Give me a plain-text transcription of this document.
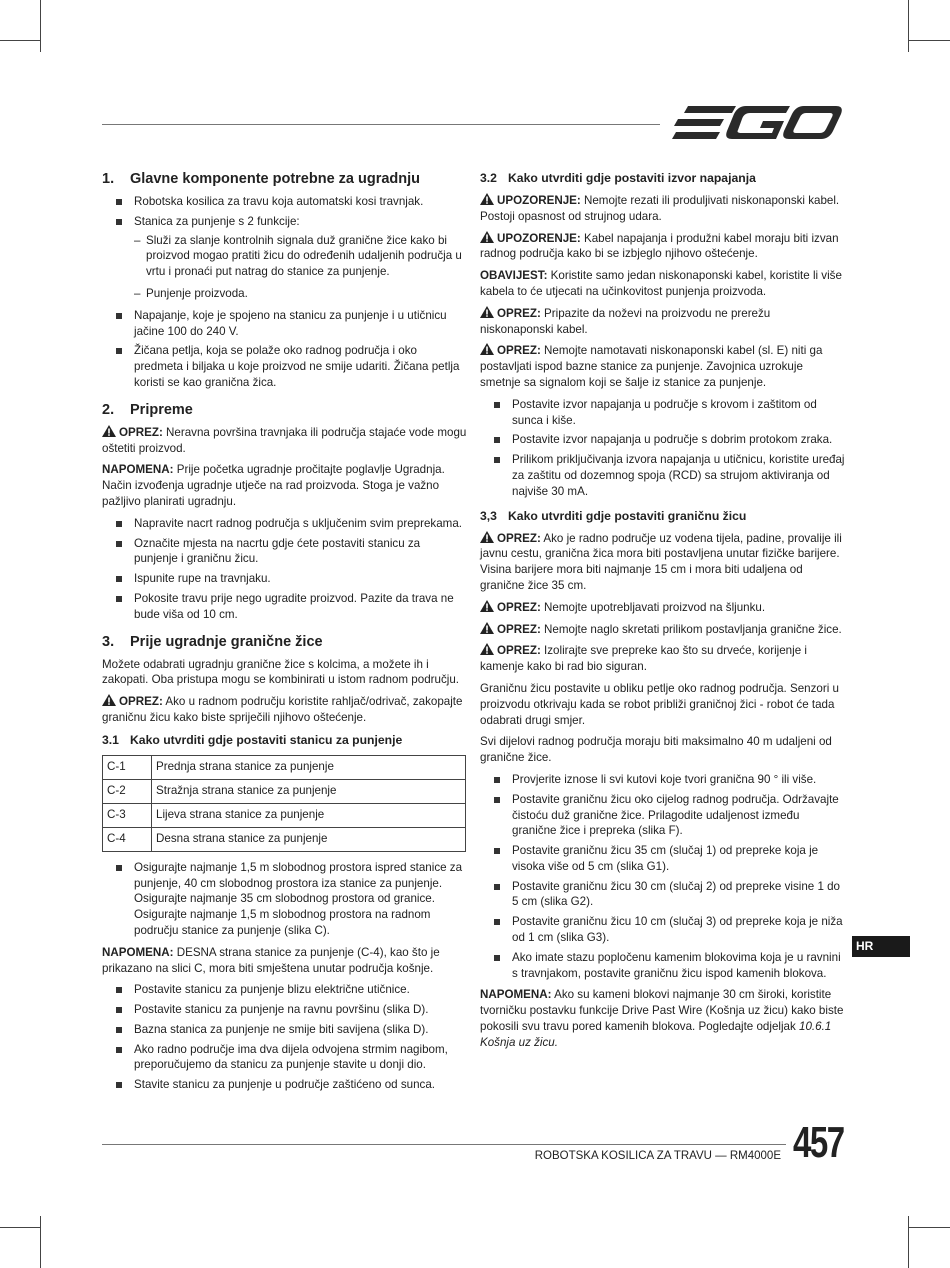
1. Glavne komponente potrebne za ugradnju
Robotska kosilica za travu koja automatski kosi travnjak.
Stanica za punjenje s 2 funkcije:
– Služi za slanje kontrolnih signala duž granične žice kako bi proizvod mogao pratiti žicu do određenih udaljenih područja u vrtu i pronaći put natrag do stanice za punjenje.
– Punjenje proizvoda.
Napajanje, koje je spojeno na stanicu za punjenje i u utičnicu jačine 100 do 240 V.
Žičana petlja, koja se polaže oko radnog područja i oko predmeta i biljaka u koje proizvod ne smije udariti. Žičana petlja koristi se kao granična žica.
2. Pripreme

OPREZ: Neravna površina travnjaka ili područja stajaće vode mogu oštetiti proizvod.

NAPOMENA: Prije početka ugradnje pročitajte poglavlje Ugradnja. Način izvođenja ugradnje utječe na rad proizvoda. Stoga je važno pažljivo planirati ugradnju.

Napravite nacrt radnog područja s uključenim svim preprekama.
Označite mjesta na nacrtu gdje ćete postaviti stanicu za punjenje i graničnu žicu.
Ispunite rupe na travnjaku.
Pokosite travu prije nego ugradite proizvod. Pazite da trava ne bude viša od 10 cm.
3. Prije ugradnje granične žice

Možete odabrati ugradnju granične žice s kolcima, a možete ih i zakopati. Oba pristupa mogu se kombinirati u istom radnom području.

OPREZ: Ako u radnom području koristite rahljač/odrivač, zakopajte graničnu žicu kako biste spriječili njihovo oštećenje.

3.1 Kako utvrditi gdje postaviti stanicu za punjenje
C-1	Prednja strana stanice za punjenje
C-2	Stražnja strana stanice za punjenje
C-3	Lijeva strana stanice za punjenje
C-4	Desna strana stanice za punjenje
Osigurajte najmanje 1,5 m slobodnog prostora ispred stanice za punjenje, 40 cm slobodnog prostora iza stanice za punjenje. Osigurajte najmanje 35 cm slobodnog prostora od granice. Osigurajte najmanje 1,5 m slobodnog prostora na radnom području stanice za punjenje (slika C).

NAPOMENA: DESNA strana stanice za punjenje (C-4), kao što je prikazano na slici C, mora biti smještena unutar područja košnje.

Postavite stanicu za punjenje blizu električne utičnice.
Postavite stanicu za punjenje na ravnu površinu (slika D).
Bazna stanica za punjenje ne smije biti savijena (slika D).
Ako radno područje ima dva dijela odvojena strmim nagibom, preporučujemo da stanicu za punjenje stavite u donji dio.
Stavite stanicu za punjenje u područje zaštićeno od sunca.
3.2 Kako utvrditi gdje postaviti izvor napajanja

UPOZORENJE: Nemojte rezati ili produljivati niskonaponski kabel. Postoji opasnost od strujnog udara.

UPOZORENJE: Kabel napajanja i produžni kabel moraju biti izvan radnog područja kako bi se izbjeglo njihovo oštećenje.

OBAVIJEST: Koristite samo jedan niskonaponski kabel, koristite li više kabela to će utjecati na učinkovitost punjenja proizvoda.

OPREZ: Pripazite da noževi na proizvodu ne prerežu niskonaponski kabel.

OPREZ: Nemojte namotavati niskonaponski kabel (sl. E) niti ga postavljati ispod bazne stanice za punjenje. Zavojnica uzrokuje smetnje sa signalom koji se šalje iz stanice za punjenje.

Postavite izvor napajanja u područje s krovom i zaštitom od sunca i kiše.
Postavite izvor napajanja u područje s dobrim protokom zraka.
Prilikom priključivanja izvora napajanja u utičnicu, koristite uređaj za zaštitu od dozemnog spoja (RCD) sa strujom aktiviranja od najviše 30 mA.
3,3 Kako utvrditi gdje postaviti graničnu žicu

OPREZ: Ako je radno područje uz vodena tijela, padine, provalije ili javnu cestu, granična žica mora biti postavljena unutar fizičke barijere. Visina barijere mora biti najmanje 15 cm i mora biti udaljena od granične žice 35 cm.

OPREZ: Nemojte upotrebljavati proizvod na šljunku.

OPREZ: Nemojte naglo skretati prilikom postavljanja granične žice.

OPREZ: Izolirajte sve prepreke kao što su drveće, korijenje i kamenje kako bi rad bio siguran.

Graničnu žicu postavite u obliku petlje oko radnog područja. Senzori u proizvodu otkrivaju kada se robot približi graničnoj žici - robot će tada odabrati drugi smjer.

Svi dijelovi radnog područja moraju biti maksimalno 40 m udaljeni od granične žice.

Provjerite iznose li svi kutovi koje tvori granična 90 ° ili više.
Postavite graničnu žicu oko cijelog radnog područja. Održavajte čistoću duž granične žice. Prilagodite udaljenost između granične žice i prepreka (slika F).
Postavite graničnu žicu 35 cm (slučaj 1) od prepreke koja je visoka više od 5 cm (slika G1).
Postavite graničnu žicu 30 cm (slučaj 2) od prepreke visine 1 do 5 cm (slika G2).
Postavite graničnu žicu 10 cm (slučaj 3) od prepreke koja je niža od 1 cm (slika G3).
Ako imate stazu popločenu kamenim blokovima koja je u ravnini s travnjakom, postavite graničnu žicu ispod kamenih blokova.

NAPOMENA: Ako su kameni blokovi najmanje 30 cm široki, koristite tvorničku postavku funkcije Drive Past Wire (Košnja uz žicu) kako biste pokosili svu travu pored kamenih blokova. Pogledajte odjeljak 10.6.1 Košnja uz žicu.

HR
ROBOTSKA KOSILICA ZA TRAVU — RM4000E 457
